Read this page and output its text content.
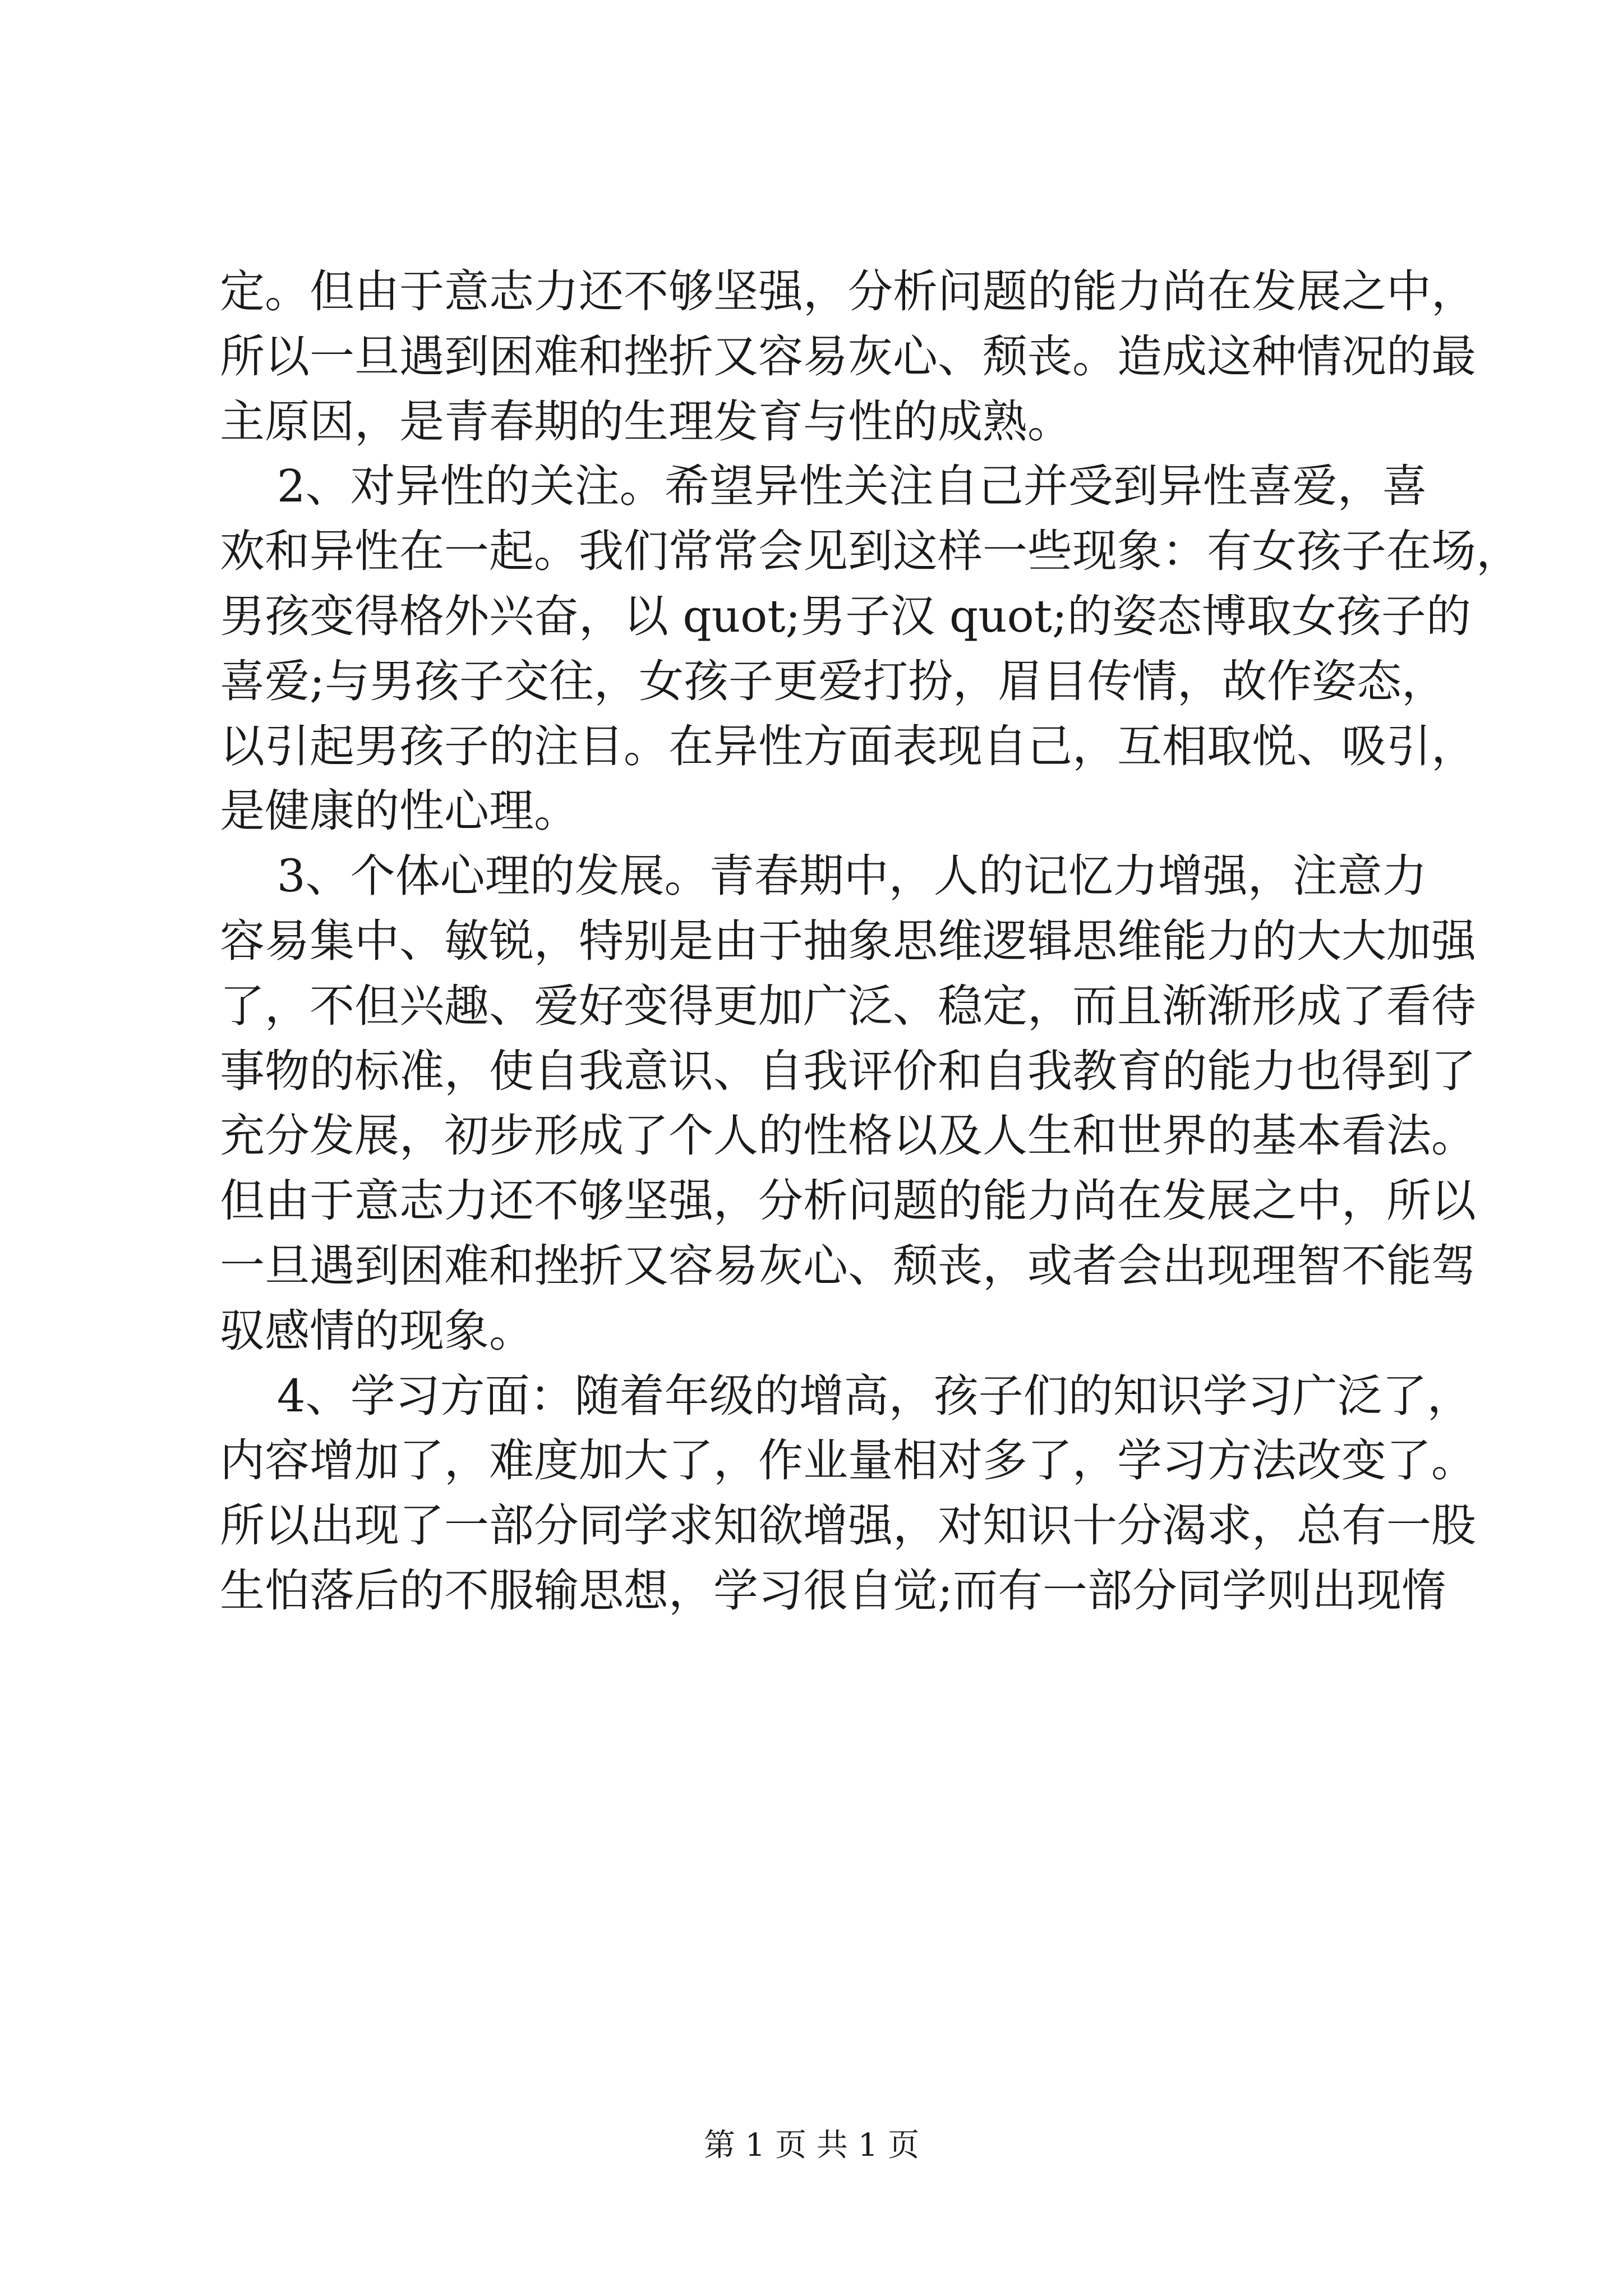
定。但由于意志力还不够坚强，分析问题的能力尚在发展之中，
所以一旦遇到困难和挫折又容易灰心、颓丧。造成这种情况的最
主原因，是青春期的生理发育与性的成熟。
2、对异性的关注。希望异性关注自己并受到异性喜爱，喜
欢和异性在一起。我们常常会见到这样一些现象：有女孩子在场，
男孩变得格外兴奋，以 quot;男子汉 quot;的姿态博取女孩子的
喜爱;与男孩子交往，女孩子更爱打扮，眉目传情，故作姿态，
以引起男孩子的注目。在异性方面表现自己，互相取悦、吸引，
是健康的性心理。
3、个体心理的发展。青春期中，人的记忆力增强，注意力
容易集中、敏锐，特别是由于抽象思维逻辑思维能力的大大加强
了，不但兴趣、爱好变得更加广泛、稳定，而且渐渐形成了看待
事物的标准，使自我意识、自我评价和自我教育的能力也得到了
充分发展，初步形成了个人的性格以及人生和世界的基本看法。
但由于意志力还不够坚强，分析问题的能力尚在发展之中，所以
一旦遇到困难和挫折又容易灰心、颓丧，或者会出现理智不能驾
驭感情的现象。
4、学习方面：随着年级的增高，孩子们的知识学习广泛了，
内容增加了，难度加大了，作业量相对多了，学习方法改变了。
所以出现了一部分同学求知欲增强，对知识十分渴求，总有一股
生怕落后的不服输思想，学习很自觉;而有一部分同学则出现惰
第 1 页 共 1 页
